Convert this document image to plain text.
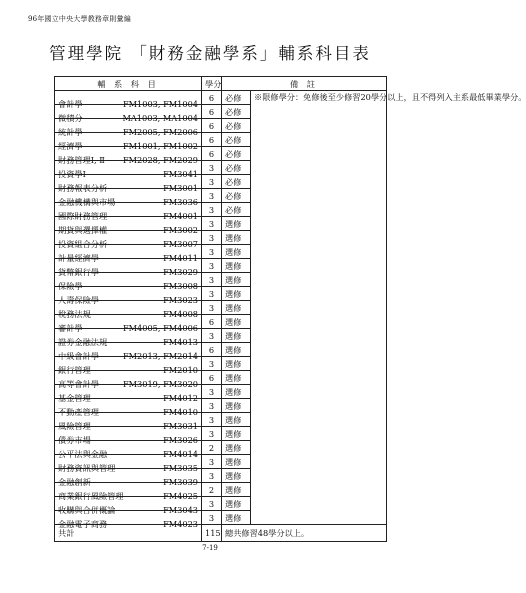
96年國立中央大學教務章則彙編
管理學院 「財務金融學系」輔系科目表
輔 系 科 目	學分	備 註	

會計學 FM1003, FM1004	6	必修	※限修學分：免修後至少修習20學分以上，且不得列入主系最低畢業學分。

微積分 MA1003, MA1004	6	必修	

統計學 FM2005, FM2006	6	必修	

經濟學 FM1001, FM1002	6	必修	

財務管理Ⅰ, Ⅱ FM2028, FM2029	6	必修	

投資學Ⅰ FM3041	3	必修	

財務報表分析 FM3001	3	必修	

金融機構與市場 FM3036	3	必修	

國際財務管理 FM4001	3	必修	

期貨與選擇權 FM3002	3	選修	

投資組合分析 FM3007	3	選修	

計量經濟學 FM4011	3	選修	

貨幣銀行學 FM3029	3	選修	

保險學 FM3008	3	選修	

人壽保險學 FM3023	3	選修	

稅務法規 FM4008	3	選修	

審計學 FM4005, FM4006	6	選修	

證券金融法規 FM4013	3	選修	

中級會計學 FM2013, FM2014	6	選修	

銀行管理 FM2010	3	選修	

高等會計學 FM3019, FM3020	6	選修	

基金管理 FM4012	3	選修	

不動產管理 FM4010	3	選修	

風險管理 FM3031	3	選修	

債券市場 FM3026	3	選修	

公平法與金融 FM4014	2	選修	

財務資訊與管理 FM3035	3	選修	

金融創新 FM3039	3	選修	

商業銀行風險管理 FM4025	2	選修	

收購與合併概論 FM3043	3	選修	

金融電子商務 FM4023	3	選修	
共計	115	總共修習48學分以上。	
7-19
